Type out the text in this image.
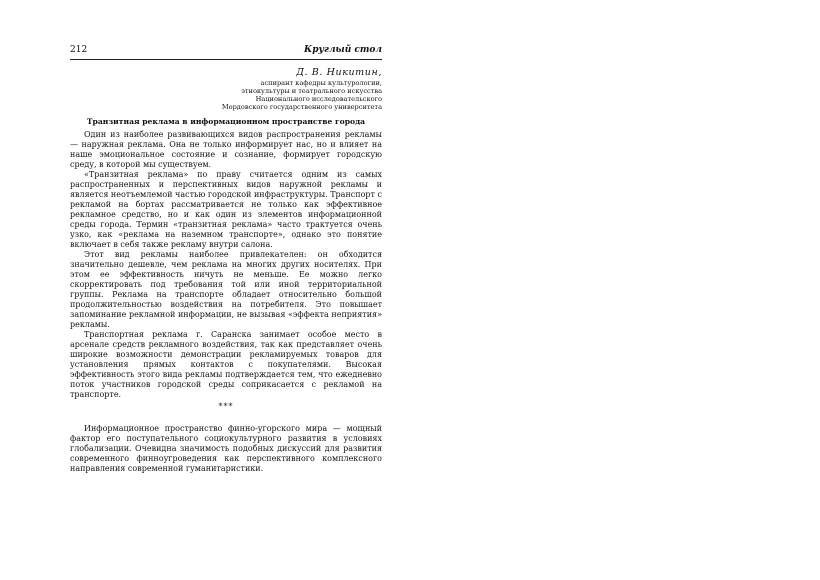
212	Круглый стол
Д. В. Никитин,
аспирант кафедры культурологии,
этнокультуры и театрального искусства
Национального исследовательского
Мордовского государственного университета
Транзитная реклама в информационном пространстве города

Один из наиболее развивающихся видов распространения рекламы — наружная реклама. Она не только информирует нас, но и влияет на наше эмоциональное состояние и сознание, формирует городскую среду, в которой мы существуем.

«Транзитная реклама» по праву считается одним из самых распространенных и перспективных видов наружной рекламы и является неотъемлемой частью городской инфраструктуры. Транспорт с рекламой на бортах рассматривается не только как эффективное рекламное средство, но и как один из элементов информационной среды города. Термин «транзитная реклама» часто трактуется очень узко, как «реклама на наземном транспорте», однако это понятие включает в себя также рекламу внутри салона.

Этот вид рекламы наиболее привлекателен: он обходится значительно дешевле, чем реклама на многих других носителях. При этом ее эффективность ничуть не меньше. Ее можно легко скорректировать под требования той или иной территориальной группы. Реклама на транспорте обладает относительно большой продолжительностью воздействия на потребителя. Это повышает запоминание рекламной информации, не вызывая «эффекта неприятия» рекламы.

Транспортная реклама г. Саранска занимает особое место в арсенале средств рекламного воздействия, так как представляет очень широкие возможности демонстрации рекламируемых товаров для установления прямых контактов с покупателями. Высокая эффективность этого вида рекламы подтверждается тем, что ежедневно поток участников городской среды соприкасается с рекламой на транспорте.

***

Информационное пространство финно-угорского мира — мощный фактор его поступательного социокультурного развития в условиях глобализации. Очевидна значимость подобных дискуссий для развития современного финноугроведения как перспективного комплексного направления современной гуманитаристики.
